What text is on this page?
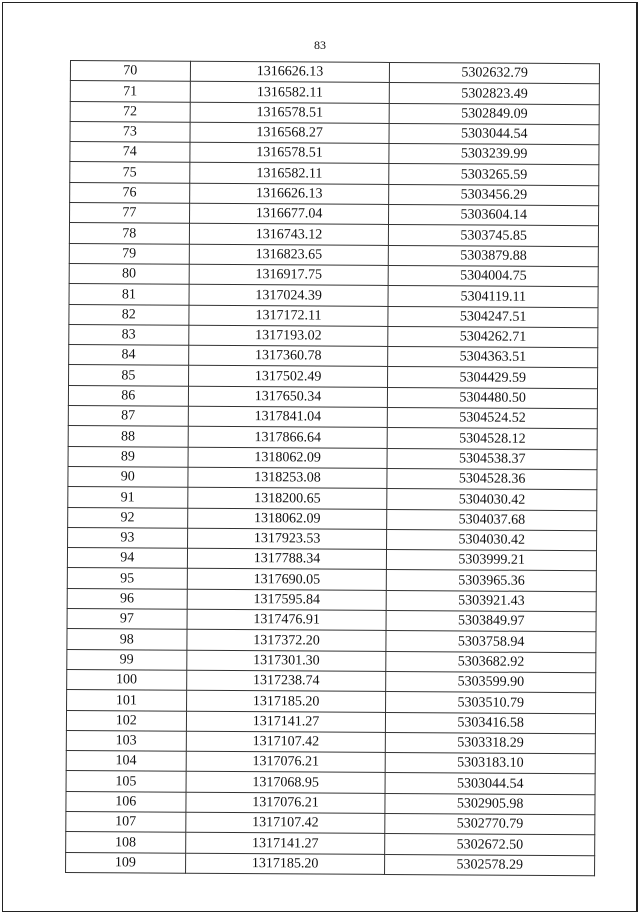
83
70	1316626.13	5302632.79
71	1316582.11	5302823.49
72	1316578.51	5302849.09
73	1316568.27	5303044.54
74	1316578.51	5303239.99
75	1316582.11	5303265.59
76	1316626.13	5303456.29
77	1316677.04	5303604.14
78	1316743.12	5303745.85
79	1316823.65	5303879.88
80	1316917.75	5304004.75
81	1317024.39	5304119.11
82	1317172.11	5304247.51
83	1317193.02	5304262.71
84	1317360.78	5304363.51
85	1317502.49	5304429.59
86	1317650.34	5304480.50
87	1317841.04	5304524.52
88	1317866.64	5304528.12
89	1318062.09	5304538.37
90	1318253.08	5304528.36
91	1318200.65	5304030.42
92	1318062.09	5304037.68
93	1317923.53	5304030.42
94	1317788.34	5303999.21
95	1317690.05	5303965.36
96	1317595.84	5303921.43
97	1317476.91	5303849.97
98	1317372.20	5303758.94
99	1317301.30	5303682.92
100	1317238.74	5303599.90
101	1317185.20	5303510.79
102	1317141.27	5303416.58
103	1317107.42	5303318.29
104	1317076.21	5303183.10
105	1317068.95	5303044.54
106	1317076.21	5302905.98
107	1317107.42	5302770.79
108	1317141.27	5302672.50
109	1317185.20	5302578.29
